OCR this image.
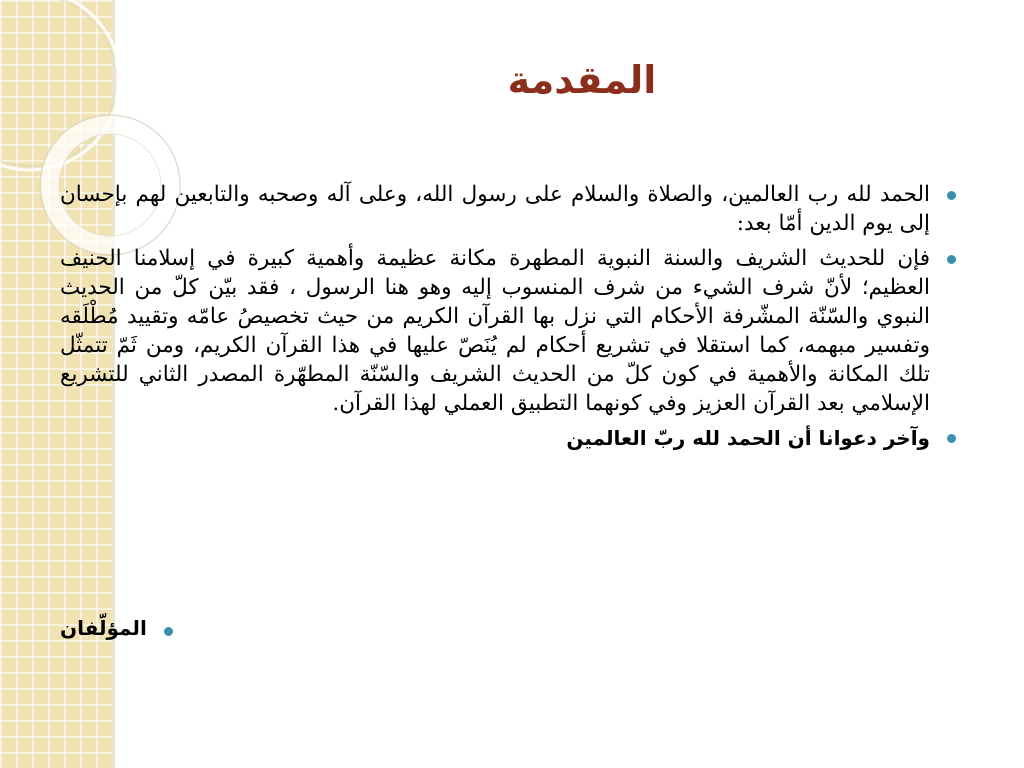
المقدمة
الحمد لله رب العالمين، والصلاة والسلام على رسول الله، وعلى آله وصحبه والتابعين لهم بإحسان إلى يوم الدين أمّا بعد:
فإن للحديث الشريف والسنة النبوية المطهرة مكانة عظيمة وأهمية كبيرة في إسلامنا الحنيف العظيم؛ لأنّ شرف الشيء من شرف المنسوب إليه وهو هنا الرسول ، فقد بيّن كلّ من الحديث النبوي والسّنّة المشّرفة الأحكام التي نزل بها القرآن الكريم من حيث تخصيصُ عامّه وتقييد مُطْلَقه وتفسير مبهمه، كما استقلا في تشريع أحكام لم يُنَصّ عليها في هذا القرآن الكريم، ومن ثَمّ تتمثّل تلك المكانة والأهمية في كون كلّ من الحديث الشريف والسّنّة المطهّرة المصدر الثاني للتشريع الإسلامي بعد القرآن العزيز وفي كونهما التطبيق العملي لهذا القرآن.
وآخر دعوانا أن الحمد لله ربّ العالمين
المؤلّفان
